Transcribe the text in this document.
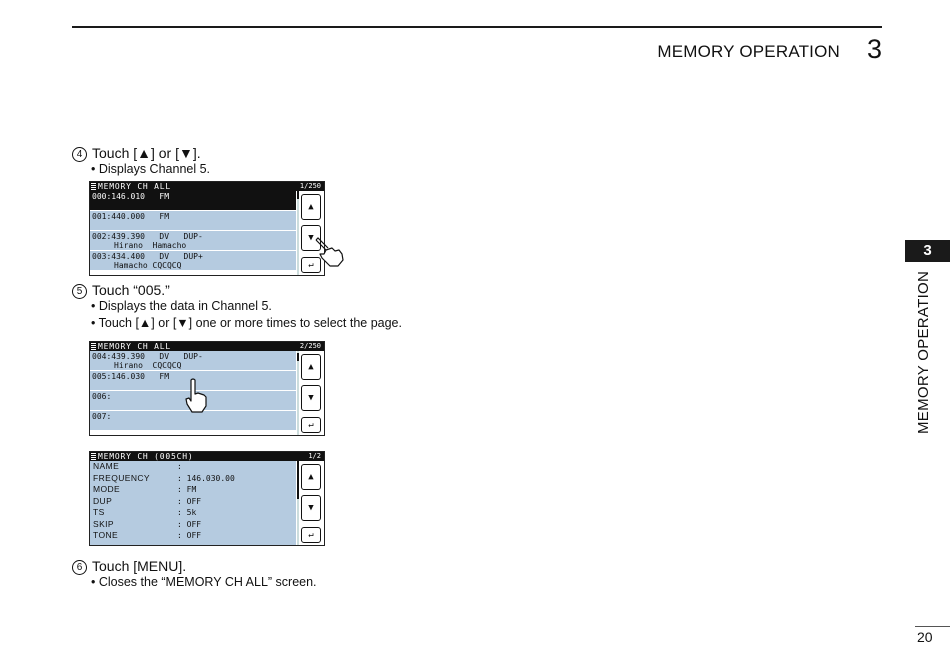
MEMORY OPERATION 3
3
MEMORY OPERATION
4 Touch [▲] or [▼].
• Displays Channel 5.
MEMORY CH ALL	1/250
000:146.010   FM
001:440.000   FM
002:439.390   DV   DUP-
Hirano  Hamacho
003:434.400   DV   DUP+
Hamacho CQCQCQ
▲
▼
↵
5 Touch “005.”
• Displays the data in Channel 5.
• Touch [▲] or [▼] one or more times to select the page.
MEMORY CH ALL	2/250
004:439.390   DV   DUP-
Hirano  CQCQCQ
005:146.030   FM
006:
007:
▲
▼
↵
MEMORY CH (005CH)	1/2
NAME	:
FREQUENCY	: 146.030.00
MODE	: FM
DUP	: OFF
TS	: 5k
SKIP	: OFF
TONE	: OFF
▲
▼
↵
6 Touch [MENU].
• Closes the “MEMORY CH ALL” screen.
20
